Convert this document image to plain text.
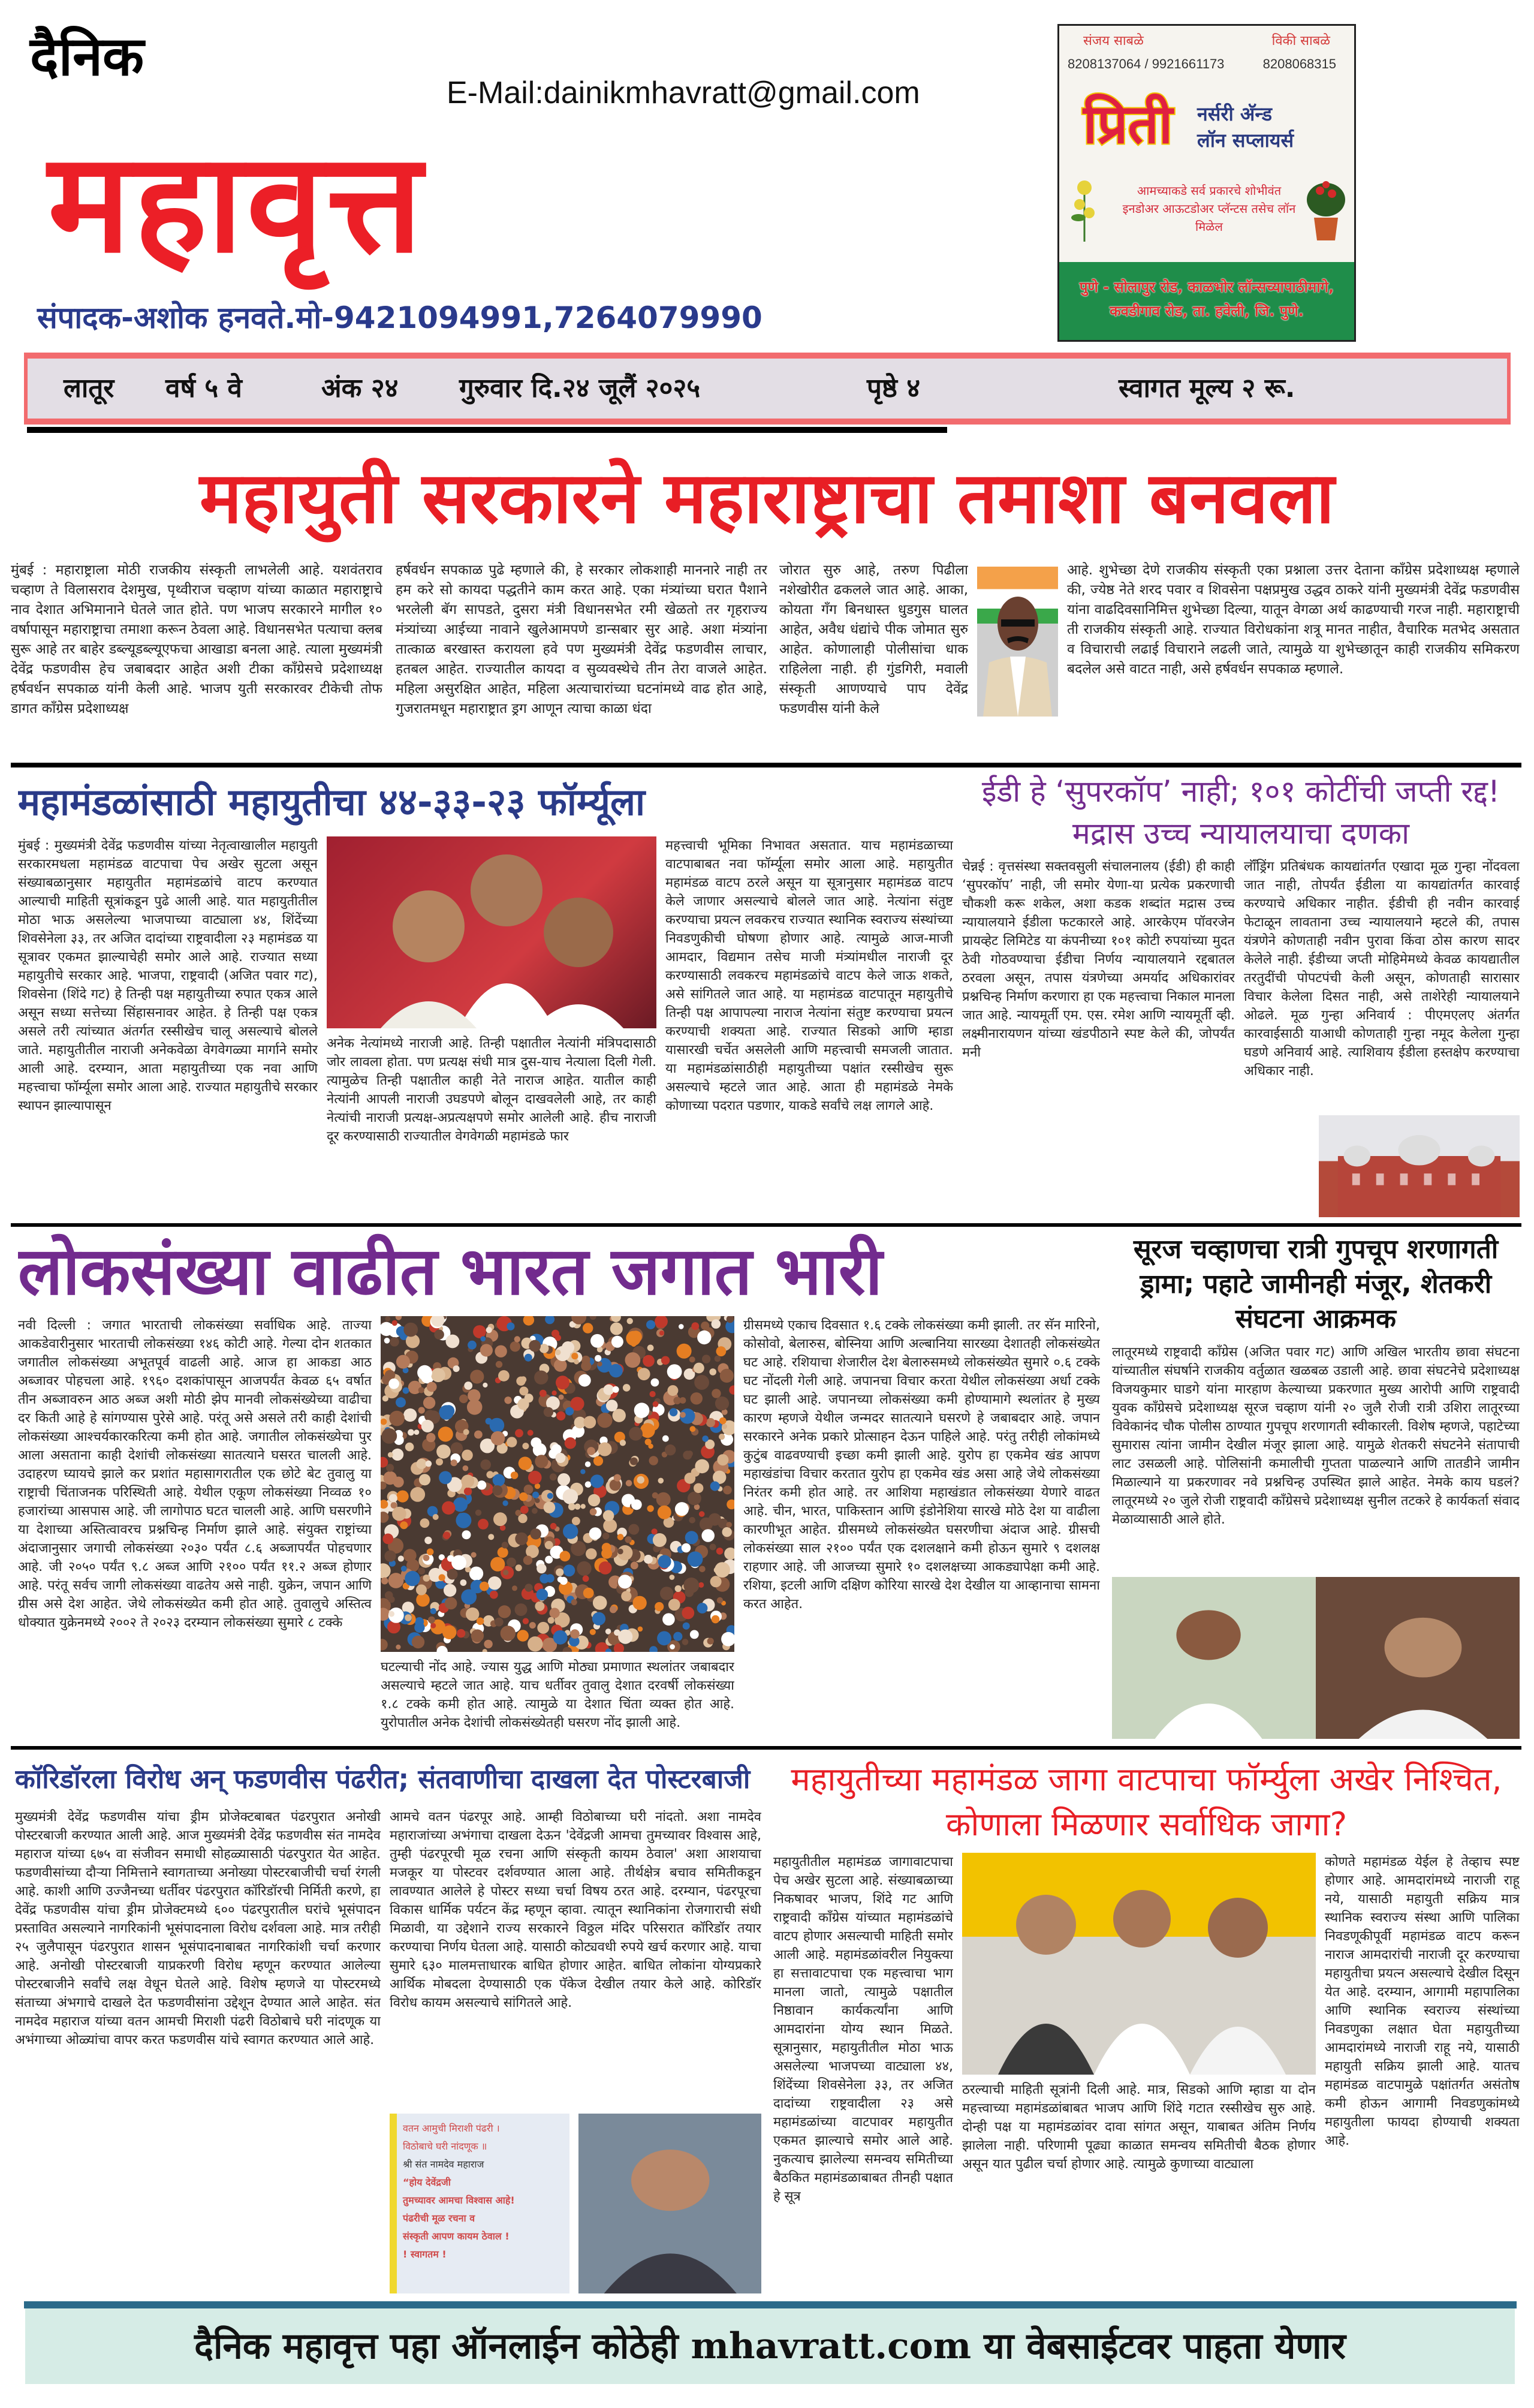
दैनिक
E-Mail:dainikmhavratt@gmail.com
महावृत्त
संपादक-अशोक हनवते.मो-9421094991,7264079990
संजय साबळे	विकी साबळे
8208137064 / 9921661173	8208068315
प्रिती नर्सरी अ‍ॅन्ड
लॉन सप्लायर्स
आमच्याकडे सर्व प्रकारचे शोभीवंत
इनडोअर आऊटडोअर प्लॅन्टस तसेच लॉन मिळेल
पुणे - सोलापुर रोड, काळभोर लॉन्सच्यापाठीमागे,
कवडीगाव रोड, ता. हवेली, जि. पुणे.
लातूर वर्ष ५ वे	अंक २४ गुरुवार दि.२४ जूलैं २०२५	पृष्ठे ४	स्वागत मूल्य २ रू.
महायुती सरकारने महाराष्ट्राचा तमाशा बनवला
मुंबई : महाराष्ट्राला मोठी राजकीय संस्कृती लाभलेली आहे. यशवंतराव चव्हाण ते विलासराव देशमुख, पृथ्वीराज चव्हाण यांच्या काळात महाराष्ट्राचे नाव देशात अभिमानाने घेतले जात होते. पण भाजप सरकारने मागील १० वर्षापासून महाराष्ट्राचा तमाशा करून ठेवला आहे. विधानसभेत पत्याचा क्लब सुरू आहे तर बाहेर डब्ल्यूडब्ल्यूएफचा आखाडा बनला आहे. त्याला मुख्यमंत्री देवेंद्र फडणवीस हेच जबाबदार आहेत अशी टीका काँग्रेसचे प्रदेशाध्यक्ष हर्षवर्धन सपकाळ यांनी केली आहे. भाजप युती सरकारवर टीकेची तोफ डागत काँग्रेस प्रदेशाध्यक्ष
हर्षवर्धन सपकाळ पुढे म्हणाले की, हे सरकार लोकशाही माननारे नाही तर हम करे सो कायदा पद्धतीने काम करत आहे. एका मंत्र्यांच्या घरात पैशाने भरलेली बॅग सापडते, दुसरा मंत्री विधानसभेत रमी खेळतो तर गृहराज्य मंत्र्यांच्या आईच्या नावाने खुलेआमपणे डान्सबार सुर आहे. अशा मंत्र्यांना तात्काळ बरखास्त करायला हवे पण मुख्यमंत्री देवेंद्र फडणवीस लाचार, हतबल आहेत. राज्यातील कायदा व सुव्यवस्थेचे तीन तेरा वाजले आहेत. महिला असुरक्षित आहेत, महिला अत्याचारांच्या घटनांमध्ये वाढ होत आहे, गुजरातमधून महाराष्ट्रात ड्रग आणून त्याचा काळा धंदा
जोरात सुरु आहे, तरुण पिढीला नशेखोरीत ढकलले जात आहे. आका, कोयता गँग बिनधास्त धुडगुस घालत आहेत, अवैध धंद्यांचे पीक जोमात सुरु आहेत. कोणालाही पोलीसांचा धाक राहिलेला नाही. ही गुंडगिरी, मवाली संस्कृती आणण्याचे पाप देवेंद्र फडणवीस यांनी केले
आहे. शुभेच्छा देणे राजकीय संस्कृती एका प्रश्नाला उत्तर देताना काँग्रेस प्रदेशाध्यक्ष म्हणाले की, ज्येष्ठ नेते शरद पवार व शिवसेना पक्षप्रमुख उद्धव ठाकरे यांनी मुख्यमंत्री देवेंद्र फडणवीस यांना वाढदिवसानिमित्त शुभेच्छा दिल्या, यातून वेगळा अर्थ काढण्याची गरज नाही. महाराष्ट्राची ती राजकीय संस्कृती आहे. राज्यात विरोधकांना शत्रू मानत नाहीत, वैचारिक मतभेद असतात व विचाराची लढाई विचाराने लढली जाते, त्यामुळे या शुभेच्छातून काही राजकीय समिकरण बदलेल असे वाटत नाही, असे हर्षवर्धन सपकाळ म्हणाले.
महामंडळांसाठी महायुतीचा ४४-३३-२३ फॉर्म्यूला
मुंबई : मुख्यमंत्री देवेंद्र फडणवीस यांच्या नेतृत्वाखालील महायुती सरकारमधला महामंडळ वाटपाचा पेच अखेर सुटला असून संख्याबळानुसार महायुतीत महामंडळांचे वाटप करण्यात आल्याची माहिती सूत्रांकडून पुढे आली आहे. यात महायुतीतील मोठा भाऊ असलेल्या भाजपाच्या वाट्याला ४४, शिंदेंच्या शिवसेनेला ३३, तर अजित दादांच्या राष्ट्रवादीला २३ महामंडळ या सूत्रावर एकमत झाल्याचेही समोर आले आहे. राज्यात सध्या महायुतीचे सरकार आहे. भाजपा, राष्ट्रवादी (अजित पवार गट), शिवसेना (शिंदे गट) हे तिन्ही पक्ष महायुतीच्या रुपात एकत्र आले असून सध्या सत्तेच्या सिंहासनावर आहेत. हे तिन्ही पक्ष एकत्र असले तरी त्यांच्यात अंतर्गत रस्सीखेच चालू असल्याचे बोलले जाते. महायुतीतील नाराजी अनेकवेळा वेगवेगळ्या मार्गाने समोर आली आहे. दरम्यान, आता महायुतीच्या एक नवा आणि महत्त्वाचा फॉर्म्यूला समोर आला आहे. राज्यात महायुतीचे सरकार स्थापन झाल्यापासून
अनेक नेत्यांमध्ये नाराजी आहे. तिन्ही पक्षातील नेत्यांनी मंत्रिपदासाठी जोर लावला होता. पण प्रत्यक्ष संधी मात्र दुस-याच नेत्याला दिली गेली. त्यामुळेच तिन्ही पक्षातील काही नेते नाराज आहेत. यातील काही नेत्यांनी आपली नाराजी उघडपणे बोलून दाखवलेली आहे, तर काही नेत्यांची नाराजी प्रत्यक्ष-अप्रत्यक्षपणे समोर आलेली आहे. हीच नाराजी दूर करण्यासाठी राज्यातील वेगवेगळी महामंडळे फार
महत्त्वाची भूमिका निभावत असतात. याच महामंडळाच्या वाटपाबाबत नवा फॉर्म्यूला समोर आला आहे. महायुतीत महामंडळ वाटप ठरले असून या सूत्रानुसार महामंडळ वाटप केले जाणार असल्याचे बोलले जात आहे. नेत्यांना संतुष्ट करण्याचा प्रयत्न लवकरच राज्यात स्थानिक स्वराज्य संस्थांच्या निवडणुकीची घोषणा होणार आहे. त्यामुळे आज-माजी आमदार, विद्यमान तसेच माजी मंत्र्यांमधील नाराजी दूर करण्यासाठी लवकरच महामंडळांचे वाटप केले जाऊ शकते, असे सांगितले जात आहे. या महामंडळ वाटपातून महायुतीचे तिन्ही पक्ष आपापल्या नाराज नेत्यांना संतुष्ट करण्याचा प्रयत्न करण्याची शक्यता आहे. राज्यात सिडको आणि म्हाडा यासारखी चर्चेत असलेली आणि महत्त्वाची समजली जातात. या महामंडळांसाठीही महायुतीच्या पक्षांत रस्सीखेच सुरू असल्याचे म्हटले जात आहे. आता ही महामंडळे नेमके कोणाच्या पदरात पडणार, याकडे सर्वांचे लक्ष लागले आहे.
ईडी हे ‘सुपरकॉप’ नाही; १०१ कोटींची जप्ती रद्द! मद्रास उच्च न्यायालयाचा दणका
चेन्नई : वृत्तसंस्था सक्तवसुली संचालनालय (ईडी) ही काही ‘सुपरकॉप’ नाही, जी समोर येणा-या प्रत्येक प्रकरणाची चौकशी करू शकेल, अशा कडक शब्दांत मद्रास उच्च न्यायालयाने ईडीला फटकारले आहे. आरकेएम पॉवरजेन प्रायव्हेट लिमिटेड या कंपनीच्या १०१ कोटी रुपयांच्या मुदत ठेवी गोठवण्याचा ईडीचा निर्णय न्यायालयाने रद्दबातल ठरवला असून, तपास यंत्रणेच्या अमर्याद अधिकारांवर प्रश्नचिन्ह निर्माण करणारा हा एक महत्त्वाचा निकाल मानला जात आहे. न्यायमूर्ती एम. एस. रमेश आणि न्यायमूर्ती व्ही. लक्ष्मीनारायणन यांच्या खंडपीठाने स्पष्ट केले की, जोपर्यंत मनी
लॉँड्रिंग प्रतिबंधक कायद्यांतर्गत एखादा मूळ गुन्हा नोंदवला जात नाही, तोपर्यंत ईडीला या कायद्यांतर्गत कारवाई करण्याचे अधिकार नाहीत. ईडीची ही नवीन कारवाई फेटाळून लावताना उच्च न्यायालयाने म्हटले की, तपास यंत्रणेने कोणताही नवीन पुरावा किंवा ठोस कारण सादर केलेले नाही. ईडीच्या जप्ती मोहिमेमध्ये केवळ कायद्यातील तरतुदींची पोपटपंची केली असून, कोणताही सारासार विचार केलेला दिसत नाही, असे ताशेरेही न्यायालयाने ओढले. मूळ गुन्हा अनिवार्य : पीएमएलए अंतर्गत कारवाईसाठी याआधी कोणताही गुन्हा नमूद केलेला गुन्हा घडणे अनिवार्य आहे. त्याशिवाय ईडीला हस्तक्षेप करण्याचा अधिकार नाही.
लोकसंख्या वाढीत भारत जगात भारी
नवी दिल्ली : जगात भारताची लोकसंख्या सर्वाधिक आहे. ताज्या आकडेवारीनुसार भारताची लोकसंख्या १४६ कोटी आहे. गेल्या दोन शतकात जगातील लोकसंख्या अभूतपूर्व वाढली आहे. आज हा आकडा आठ अब्जावर पोहचला आहे. १९६० दशकांपासून आजपर्यंत केवळ ६५ वर्षात तीन अब्जावरुन आठ अब्ज अशी मोठी झेप मानवी लोकसंख्येच्या वाढीचा दर किती आहे हे सांगण्यास पुरेसे आहे. परंतू असे असले तरी काही देशांची लोकसंख्या आश्चर्यकारकरित्या कमी होत आहे. जगातील लोकसंख्येचा पुर आला असताना काही देशांची लोकसंख्या सातत्याने घसरत चालली आहे. उदाहरण घ्यायचे झाले कर प्रशांत महासागरातील एक छोटे बेट तुवालु या राष्ट्राची चिंताजनक परिस्थिती आहे. येथील एकूण लोकसंख्या निव्वळ १० हजारांच्या आसपास आहे. जी लागोपाठ घटत चालली आहे. आणि घसरणीने या देशाच्या अस्तित्वावरच प्रश्नचिन्ह निर्माण झाले आहे. संयुक्त राष्ट्रांच्या अंदाजानुसार जगाची लोकसंख्या २०३० पर्यंत ८.६ अब्जापर्यंत पोहचणार आहे. जी २०५० पर्यंत ९.८ अब्ज आणि २१०० पर्यंत ११.२ अब्ज होणार आहे. परंतू सर्वच जागी लोकसंख्या वाढतेय असे नाही. युक्रेन, जपान आणि ग्रीस असे देश आहेत. जेथे लोकसंख्येत कमी होत आहे. तुवालुचे अस्तित्व धोक्यात युक्रेनमध्ये २००२ ते २०२३ दरम्यान लोकसंख्या सुमारे ८ टक्के
घटल्याची नोंद आहे. ज्यास युद्ध आणि मोठ्या प्रमाणात स्थलांतर जबाबदार असल्याचे म्हटले जात आहे. याच धर्तीवर तुवालु देशात दरवर्षी लोकसंख्या १.८ टक्के कमी होत आहे. त्यामुळे या देशात चिंता व्यक्त होत आहे. युरोपातील अनेक देशांची लोकसंख्येतही घसरण नोंद झाली आहे.
ग्रीसमध्ये एकाच दिवसात १.६ टक्के लोकसंख्या कमी झाली. तर सॅन मारिनो, कोसोवो, बेलारुस, बोस्निया आणि अल्बानिया सारख्या देशातही लोकसंख्येत घट आहे. रशियाचा शेजारील देश बेलारुसमध्ये लोकसंख्येत सुमारे ०.६ टक्के घट नोंदली गेली आहे. जपानचा विचार करता येथील लोकसंख्या अर्धा टक्के घट झाली आहे. जपानच्या लोकसंख्या कमी होण्यामागे स्थलांतर हे मुख्य कारण म्हणजे येथील जन्मदर सातत्याने घसरणे हे जबाबदार आहे. जपान सरकारने अनेक प्रकारे प्रोत्साहन देऊन पाहिले आहे. परंतु तरीही लोकांमध्ये कुटुंब वाढवण्याची इच्छा कमी झाली आहे. युरोप हा एकमेव खंड आपण महाखंडांचा विचार करतात युरोप हा एकमेव खंड असा आहे जेथे लोकसंख्या निरंतर कमी होत आहे. तर आशिया महाखंडात लोकसंख्या येणारे वाढत आहे. चीन, भारत, पाकिस्तान आणि इंडोनेशिया सारखे मोठे देश या वाढीला कारणीभूत आहेत. ग्रीसमध्ये लोकसंख्येत घसरणीचा अंदाज आहे. ग्रीसची लोकसंख्या साल २१०० पर्यंत एक दशलक्षाने कमी होऊन सुमारे ९ दशलक्ष राहणार आहे. जी आजच्या सुमारे १० दशलक्षच्या आकड्यापेक्षा कमी आहे. रशिया, इटली आणि दक्षिण कोरिया सारखे देश देखील या आव्हानाचा सामना करत आहेत.
सूरज चव्हाणचा रात्री गुपचूप शरणागती ड्रामा; पहाटे जामीनही मंजूर, शेतकरी संघटना आक्रमक
लातूरमध्ये राष्ट्रवादी काँग्रेस (अजित पवार गट) आणि अखिल भारतीय छावा संघटना यांच्यातील संघर्षाने राजकीय वर्तुळात खळबळ उडाली आहे. छावा संघटनेचे प्रदेशाध्यक्ष विजयकुमार घाडगे यांना मारहाण केल्याच्या प्रकरणात मुख्य आरोपी आणि राष्ट्रवादी युवक काँग्रेसचे प्रदेशाध्यक्ष सूरज चव्हाण यांनी २० जुलै रोजी रात्री उशिरा लातूरच्या विवेकानंद चौक पोलीस ठाण्यात गुपचूप शरणागती स्वीकारली. विशेष म्हणजे, पहाटेच्या सुमारास त्यांना जामीन देखील मंजूर झाला आहे. यामुळे शेतकरी संघटनेने संतापाची लाट उसळली आहे. पोलिसांनी कमालीची गुप्तता पाळल्याने आणि तातडीने जामीन मिळाल्याने या प्रकरणावर नवे प्रश्नचिन्ह उपस्थित झाले आहेत. नेमके काय घडलं? लातूरमध्ये २० जुले रोजी राष्ट्रवादी काँग्रेसचे प्रदेशाध्यक्ष सुनील तटकरे हे कार्यकर्ता संवाद मेळाव्यासाठी आले होते.
कॉरिडॉरला विरोध अन् फडणवीस पंढरीत; संतवाणीचा दाखला देत पोस्टरबाजी
मुख्यमंत्री देवेंद्र फडणवीस यांचा ड्रीम प्रोजेक्टबाबत पंढरपुरात अनोखी पोस्टरबाजी करण्यात आली आहे. आज मुख्यमंत्री देवेंद्र फडणवीस संत नामदेव महाराज यांच्या ६७५ वा संजीवन समाधी सोहळ्यासाठी पंढरपुरात येत आहेत. फडणवीसांच्या दौऱ्या निमित्ताने स्वागताच्या अनोख्या पोस्टरबाजीची चर्चा रंगली आहे. काशी आणि उज्जैनच्या धर्तीवर पंढरपुरात कॉरिडॉरची निर्मिती करणे, हा देवेंद्र फडणवीस यांचा ड्रीम प्रोजेक्टमध्ये ६०० पंढरपुरातील घरांचे भूसंपादन प्रस्तावित असल्याने नागरिकांनी भूसंपादनाला विरोध दर्शवला आहे. मात्र तरीही २५ जुलैपासून पंढरपुरात शासन भूसंपादनाबाबत नागरिकांशी चर्चा करणार आहे. अनोखी पोस्टरबाजी याप्रकरणी विरोध म्हणून करण्यात आलेल्या पोस्टरबाजीने सर्वांचे लक्ष वेधून घेतले आहे. विशेष म्हणजे या पोस्टरमध्ये संताच्या अंभगाचे दाखले देत फडणवीसांना उद्देशून देण्यात आले आहेत. संत नामदेव महाराज यांच्या वतन आमची मिराशी पंढरी विठोबाचे घरी नांदणूक या अभंगाच्या ओळ्यांचा वापर करत फडणवीस यांचे स्वागत करण्यात आले आहे.
आमचे वतन पंढरपूर आहे. आम्ही विठोबाच्या घरी नांदतो. अशा नामदेव महाराजांच्या अभंगाचा दाखला देऊन 'देवेंद्रजी आमचा तुमच्यावर विश्वास आहे, तुम्ही पंढरपूरची मूळ रचना आणि संस्कृती कायम ठेवाल' अशा आशयाचा मजकूर या पोस्टवर दर्शवण्यात आला आहे. तीर्थक्षेत्र बचाव समितीकडून लावण्यात आलेले हे पोस्टर सध्या चर्चा विषय ठरत आहे. दरम्यान, पंढरपूरचा विकास धार्मिक पर्यटन केंद्र म्हणून व्हावा. त्यातून स्थानिकांना रोजगाराची संधी मिळावी, या उद्देशाने राज्य सरकारने विठ्ठल मंदिर परिसरात कॉरिडॉर तयार करण्याचा निर्णय घेतला आहे. यासाठी कोट्यवधी रुपये खर्च करणार आहे. याचा सुमारे ६३० मालमत्ताधारक बाधित होणार आहेत. बाधित लोकांना योग्यप्रकारे आर्थिक मोबदला देण्यासाठी एक पॅकेज देखील तयार केले आहे. कोरिडॉर विरोध कायम असल्याचे सांगितले आहे.
वतन आमुची मिराशी पंढरी ।
विठोबाचे घरी नांदणूक ॥
श्री संत नामदेव महाराज
“होय देवेंद्रजी
तुमच्यावर आमचा विश्वास आहे!
पंढरीची मूळ रचना व
संस्कृती आपण कायम ठेवाल !
! स्वागतम !
महायुतीच्या महामंडळ जागा वाटपाचा फॉर्म्युला अखेर निश्चित, कोणाला मिळणार सर्वाधिक जागा?
महायुतीतील महामंडळ जागावाटपाचा पेच अखेर सुटला आहे. संख्याबळाच्या निकषावर भाजप, शिंदे गट आणि राष्ट्रवादी काँग्रेस यांच्यात महामंडळांचे वाटप होणार असल्याची माहिती समोर आली आहे. महामंडळांवरील नियुक्त्या हा सत्तावाटपाचा एक महत्त्वाचा भाग मानला जातो, त्यामुळे पक्षातील निष्ठावान कार्यकर्त्यांना आणि आमदारांना योग्य स्थान मिळते. सूत्रानुसार, महायुतीतील मोठा भाऊ असलेल्या भाजपच्या वाट्याला ४४, शिंदेंच्या शिवसेनेला ३३, तर अजित दादांच्या राष्ट्रवादीला २३ असे महामंडळांच्या वाटपावर महायुतीत एकमत झाल्याचे समोर आले आहे. नुकत्याच झालेल्या समन्वय समितीच्या बैठकित महामंडळाबाबत तीनही पक्षात हे सूत्र
ठरल्याची माहिती सूत्रांनी दिली आहे. मात्र, सिडको आणि म्हाडा या दोन महत्त्वाच्या महामंडळांबाबत भाजप आणि शिंदे गटात रस्सीखेच सुरु आहे. दोन्ही पक्ष या महामंडळांवर दावा सांगत असून, याबाबत अंतिम निर्णय झालेला नाही. परिणामी पूढ्या काळात समन्वय समितीची बैठक होणार असून यात पुढील चर्चा होणार आहे. त्यामुळे कुणाच्या वाट्याला
कोणते महामंडळ येईल हे तेव्हाच स्पष्ट होणार आहे. आमदारांमध्ये नाराजी राहू नये, यासाठी महायुती सक्रिय मात्र स्थानिक स्वराज्य संस्था आणि पालिका निवडणूकीपूर्वी महामंडळ वाटप करून नाराज आमदारांची नाराजी दूर करण्याचा महायुतीचा प्रयत्न असल्याचे देखील दिसून येत आहे. दरम्यान, आगामी महापालिका आणि स्थानिक स्वराज्य संस्थांच्या निवडणुका लक्षात घेता महायुतीच्या आमदारांमध्ये नाराजी राहू नये, यासाठी महायुती सक्रिय झाली आहे. यातच महामंडळ वाटपामुळे पक्षांतर्गत असंतोष कमी होऊन आगामी निवडणुकांमध्ये महायुतीला फायदा होण्याची शक्यता आहे.
दैनिक महावृत्त पहा ऑनलाईन कोठेही mhavratt.com या वेबसाईटवर पाहता येणार
